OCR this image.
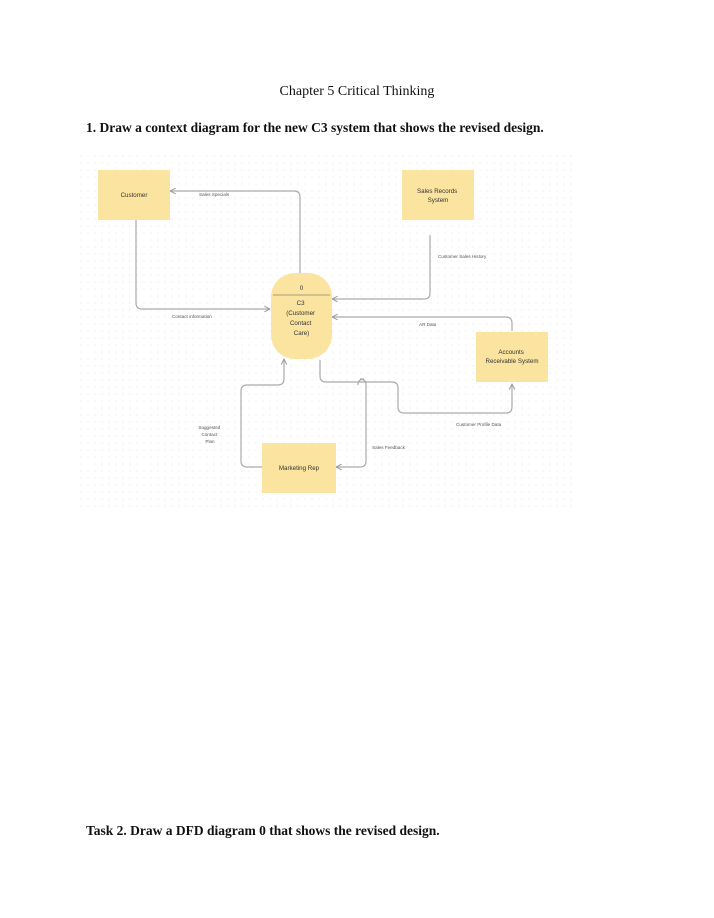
Chapter 5 Critical Thinking
1. Draw a context diagram for the new C3 system that shows the revised design.
Customer
Sales Records System
Accounts Receivable System
Marketing Rep
0
C3 (Customer Contact Care)
Sales Specials
Customer Sales History
Contact information
AR Data
Customer Profile Data
Suggested Contact Plan
Sales Feedback
Task 2. Draw a DFD diagram 0 that shows the revised design.
